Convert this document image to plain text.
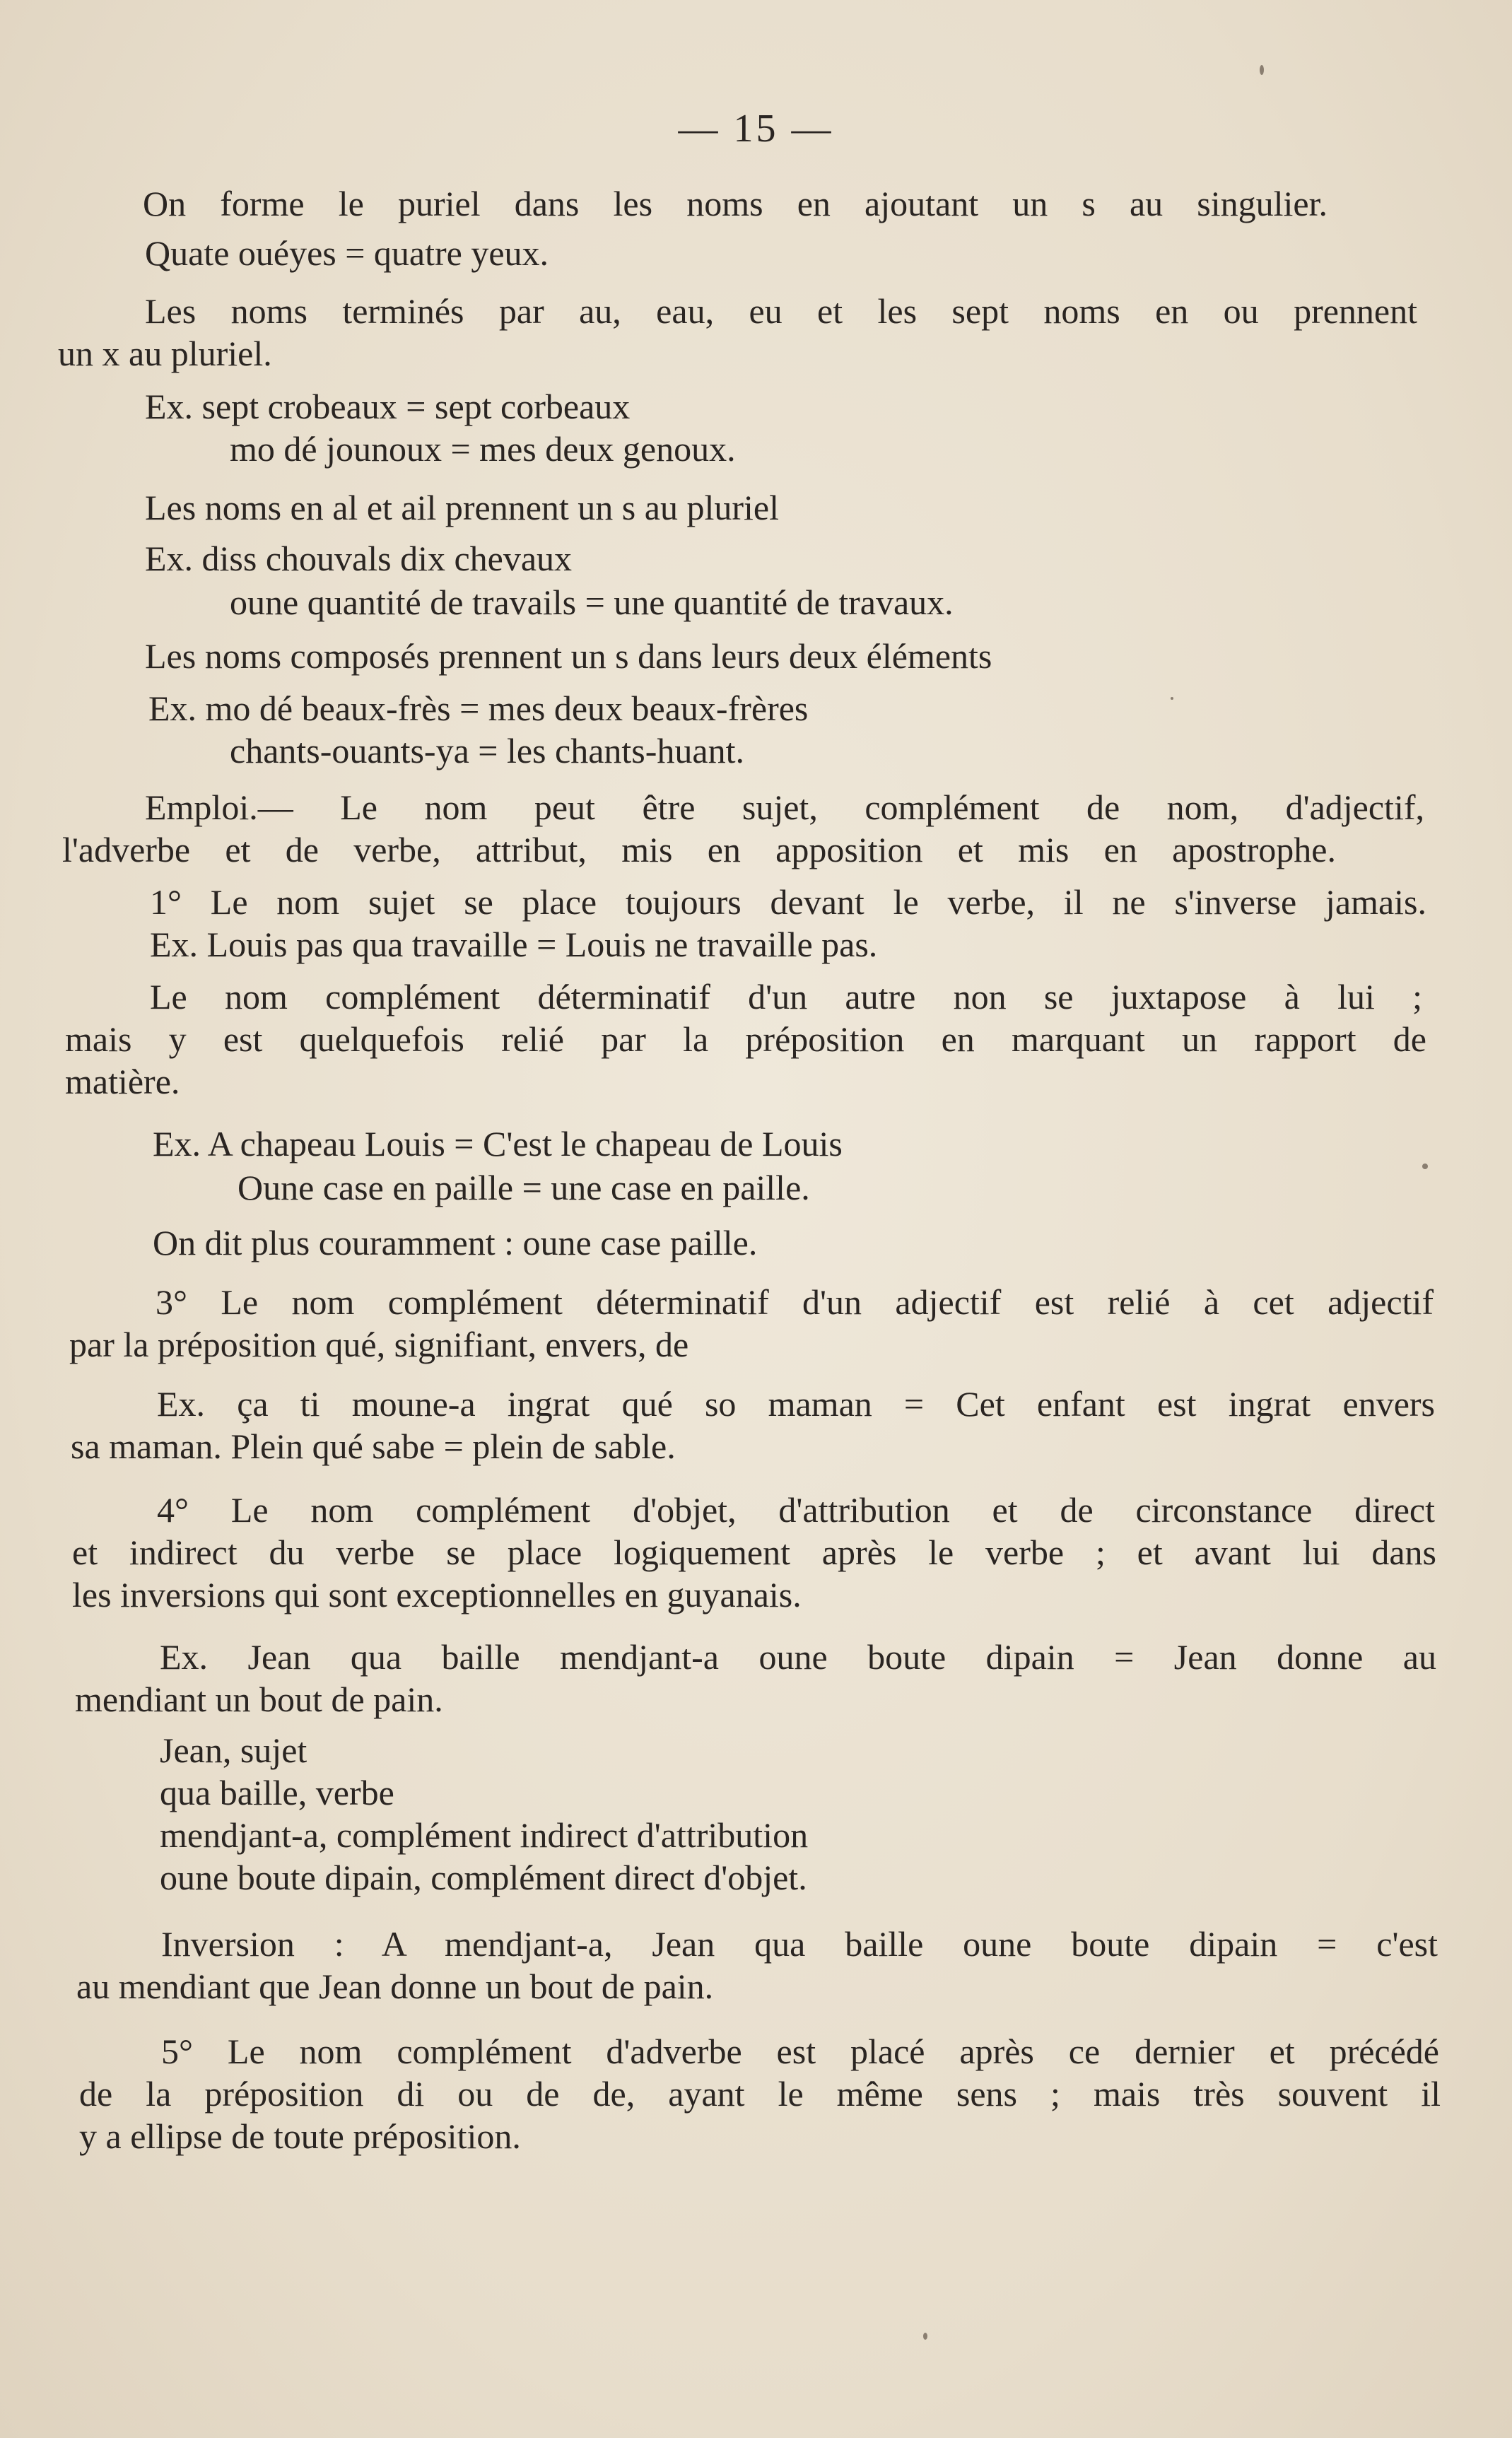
— 15 —
On forme le puriel dans les noms en ajoutant un s au singulier.
Quate ouéyes = quatre yeux.
Les noms terminés par au, eau, eu et les sept noms en ou prennent
un x au pluriel.
Ex. sept crobeaux = sept corbeaux
mo dé jounoux = mes deux genoux.
Les noms en al et ail prennent un s au pluriel
Ex. diss chouvals dix chevaux
oune quantité de travails = une quantité de travaux.
Les noms composés prennent un s dans leurs deux éléments
Ex. mo dé beaux-frès = mes deux beaux-frères
chants-ouants-ya = les chants-huant.
Emploi.— Le nom peut être sujet, complément de nom, d'adjectif,
l'adverbe et de verbe, attribut, mis en apposition et mis en apostrophe.
1° Le nom sujet se place toujours devant le verbe, il ne s'inverse jamais.
Ex. Louis pas qua travaille = Louis ne travaille pas.
Le nom complément déterminatif d'un autre non se juxtapose à lui ;
mais y est quelquefois relié par la préposition en marquant un rapport de
matière.
Ex. A chapeau Louis = C'est le chapeau de Louis
Oune case en paille = une case en paille.
On dit plus couramment : oune case paille.
3° Le nom complément déterminatif d'un adjectif est relié à cet adjectif
par la préposition qué, signifiant, envers, de
Ex. ça ti moune-a ingrat qué so maman = Cet enfant est ingrat envers
sa maman. Plein qué sabe = plein de sable.
4° Le nom complément d'objet, d'attribution et de circonstance direct
et indirect du verbe se place logiquement après le verbe ; et avant lui dans
les inversions qui sont exceptionnelles en guyanais.
Ex. Jean qua baille mendjant-a oune boute dipain = Jean donne au
mendiant un bout de pain.
Jean, sujet
qua baille, verbe
mendjant-a, complément indirect d'attribution
oune boute dipain, complément direct d'objet.
Inversion : A mendjant-a, Jean qua baille oune boute dipain = c'est
au mendiant que Jean donne un bout de pain.
5° Le nom complément d'adverbe est placé après ce dernier et précédé
de la préposition di ou de de, ayant le même sens ; mais très souvent il
y a ellipse de toute préposition.
